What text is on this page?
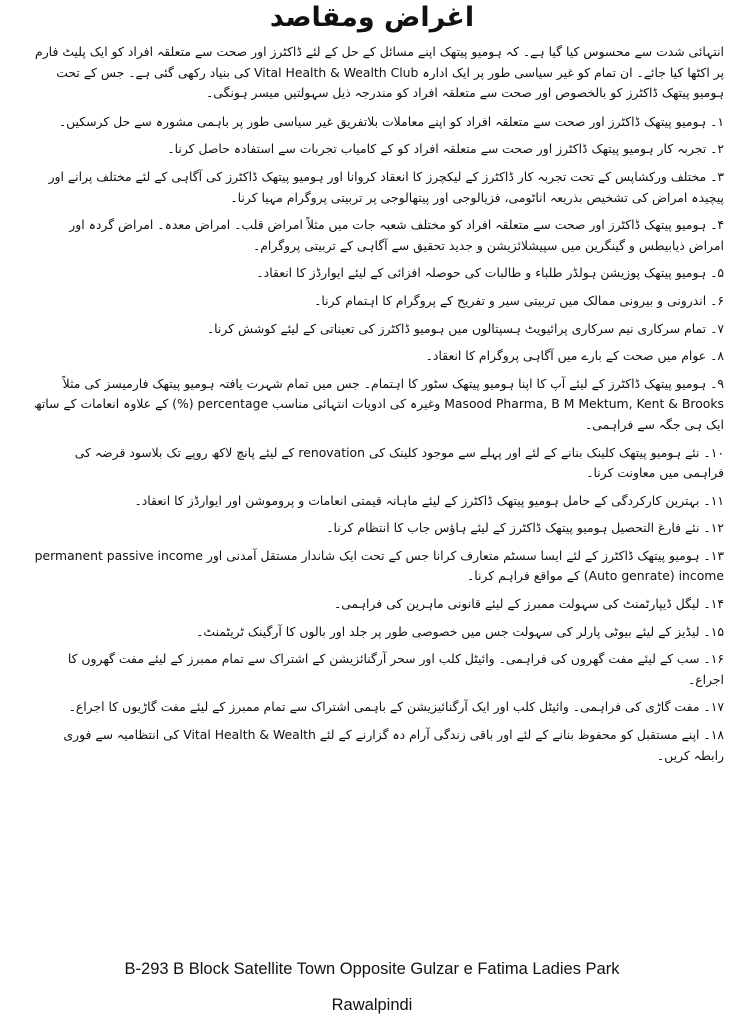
اغراض ومقاصد

انتہائی شدت سے محسوس کیا گیا ہے۔ کہ ہومیو پیتھک اپنے مسائل کے حل کے لئے ڈاکٹرز اور صحت سے متعلقہ افراد کو ایک پلیٹ فارم پر اکٹھا کیا جائے۔ ان تمام کو غیر سیاسی طور پر ایک ادارہ Vital Health & Wealth Club کی بنیاد رکھی گئی ہے۔ جس کے تحت ہومیو پیتھک ڈاکٹرز کو بالخصوص اور صحت سے متعلقہ افراد کو مندرجہ ذیل سہولتیں میسر ہونگی۔

۱۔ ہومیو پیتھک ڈاکٹرز اور صحت سے متعلقہ افراد کو اپنے معاملات بلاتفریق غیر سیاسی طور پر باہمی مشورہ سے حل کرسکیں۔

۲۔ تجربہ کار ہومیو پیتھک ڈاکٹرز اور صحت سے متعلقہ افراد کو کے کامیاب تجربات سے استفادہ حاصل کرنا۔

۳۔ مختلف ورکشاپس کے تحت تجربہ کار ڈاکٹرز کے لیکچرز کا انعقاد کروانا اور ہومیو پیتھک ڈاکٹرز کی آگاہی کے لئے مختلف پرانے اور پیچیدہ امراض کی تشخیص بذریعہ اناٹومی، فزیالوجی اور پیتھالوجی پر تربیتی پروگرام مہیا کرنا۔

۴۔ ہومیو پیتھک ڈاکٹرز اور صحت سے متعلقہ افراد کو مختلف شعبہ جات میں مثلاً امراض قلب۔ امراض معدہ۔ امراض گردہ اور امراض ذیابیطس و گینگرین میں سپیشلائزیشن و جدید تحقیق سے آگاہی کے تربیتی پروگرام۔

۵۔ ہومیو پیتھک پوزیشن ہولڈر طلباء و طالبات کی حوصلہ افزائی کے لیئے ایوارڈز کا انعقاد۔

۶۔ اندرونی و بیرونی ممالک میں تربیتی سیر و تفریح کے پروگرام کا اہتمام کرنا۔

۷۔ تمام سرکاری نیم سرکاری پرائیویٹ ہسپتالوں میں ہومیو ڈاکٹرز کی تعیناتی کے لیئے کوشش کرنا۔

۸۔ عوام میں صحت کے بارے میں آگاہی پروگرام کا انعقاد۔

۹۔ ہومیو پیتھک ڈاکٹرز کے لیئے آپ کا اپنا ہومیو پیتھک سٹور کا اہتمام۔ جس میں تمام شہرت یافتہ ہومیو پیتھک فارمیسز کی مثلاً Masood Pharma, B M Mektum, Kent & Brooks وغیرہ کی ادویات انتہائی مناسب percentage (%) کے علاوہ انعامات کے ساتھ ایک ہی جگہ سے فراہمی۔

۱۰۔ نئے ہومیو پیتھک کلینک بنانے کے لئے اور پہلے سے موجود کلینک کی renovation کے لیئے پانچ لاکھ روپے تک بلاسود قرضہ کی فراہمی میں معاونت کرنا۔

۱۱۔ بہترین کارکردگی کے حامل ہومیو پیتھک ڈاکٹرز کے لیئے ماہانہ قیمتی انعامات و پروموشن اور ایوارڈز کا انعقاد۔

۱۲۔ نئے فارغ التحصیل ہومیو پیتھک ڈاکٹرز کے لیئے ہاؤس جاب کا انتظام کرنا۔

۱۳۔ ہومیو پیتھک ڈاکٹرز کے لئے ایسا سسٹم متعارف کرانا جس کے تحت ایک شاندار مستقل آمدنی اور permanent passive income (Auto genrate) income کے مواقع فراہم کرنا۔

۱۴۔ لیگل ڈیپارٹمنٹ کی سہولت ممبرز کے لیئے قانونی ماہرین کی فراہمی۔

۱۵۔ لیڈیز کے لیئے بیوٹی پارلر کی سہولت جس میں خصوصی طور پر جلد اور بالوں کا آرگینک ٹریٹمنٹ۔

۱۶۔ سب کے لیئے مفت گھروں کی فراہمی۔ وائیٹل کلب اور سحر آرگنائزیشن کے اشتراک سے تمام ممبرز کے لیئے مفت گھروں کا اجراع۔

۱۷۔ مفت گاڑی کی فراہمی۔ وائیٹل کلب اور ایک آرگنائیزیشن کے باہمی اشتراک سے تمام ممبرز کے لیئے مفت گاڑیوں کا اجراع۔

۱۸۔ اپنے مستقبل کو محفوظ بنانے کے لئے اور باقی زندگی آرام دہ گزارنے کے لئے Vital Health & Wealth کی انتظامیہ سے فوری رابطہ کریں۔

B-293 B Block Satellite Town Opposite Gulzar e Fatima Ladies Park
Rawalpindi
